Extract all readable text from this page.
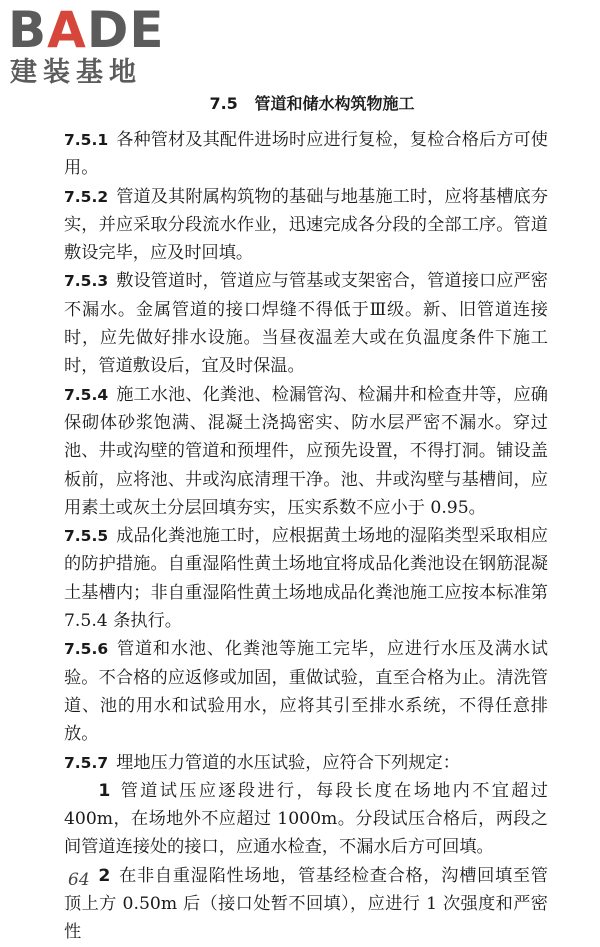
BADE
建装基地
7.5 管道和储水构筑物施工

7.5.1 各种管材及其配件进场时应进行复检，复检合格后方可使用。

7.5.2 管道及其附属构筑物的基础与地基施工时，应将基槽底夯实，并应采取分段流水作业，迅速完成各分段的全部工序。管道敷设完毕，应及时回填。

7.5.3 敷设管道时，管道应与管基或支架密合，管道接口应严密不漏水。金属管道的接口焊缝不得低于Ⅲ级。新、旧管道连接时，应先做好排水设施。当昼夜温差大或在负温度条件下施工时，管道敷设后，宜及时保温。

7.5.4 施工水池、化粪池、检漏管沟、检漏井和检查井等，应确保砌体砂浆饱满、混凝土浇捣密实、防水层严密不漏水。穿过池、井或沟壁的管道和预埋件，应预先设置，不得打洞。铺设盖板前，应将池、井或沟底清理干净。池、井或沟壁与基槽间，应用素土或灰土分层回填夯实，压实系数不应小于 0.95。

7.5.5 成品化粪池施工时，应根据黄土场地的湿陷类型采取相应的防护措施。自重湿陷性黄土场地宜将成品化粪池设在钢筋混凝土基槽内；非自重湿陷性黄土场地成品化粪池施工应按本标准第 7.5.4 条执行。

7.5.6 管道和水池、化粪池等施工完毕，应进行水压及满水试验。不合格的应返修或加固，重做试验，直至合格为止。清洗管道、池的用水和试验用水，应将其引至排水系统，不得任意排放。

7.5.7 埋地压力管道的水压试验，应符合下列规定：

1 管道试压应逐段进行，每段长度在场地内不宜超过 400m，在场地外不应超过 1000m。分段试压合格后，两段之间管道连接处的接口，应通水检查，不漏水后方可回填。

2 在非自重湿陷性场地，管基经检查合格，沟槽回填至管顶上方 0.50m 后（接口处暂不回填），应进行 1 次强度和严密性

64
